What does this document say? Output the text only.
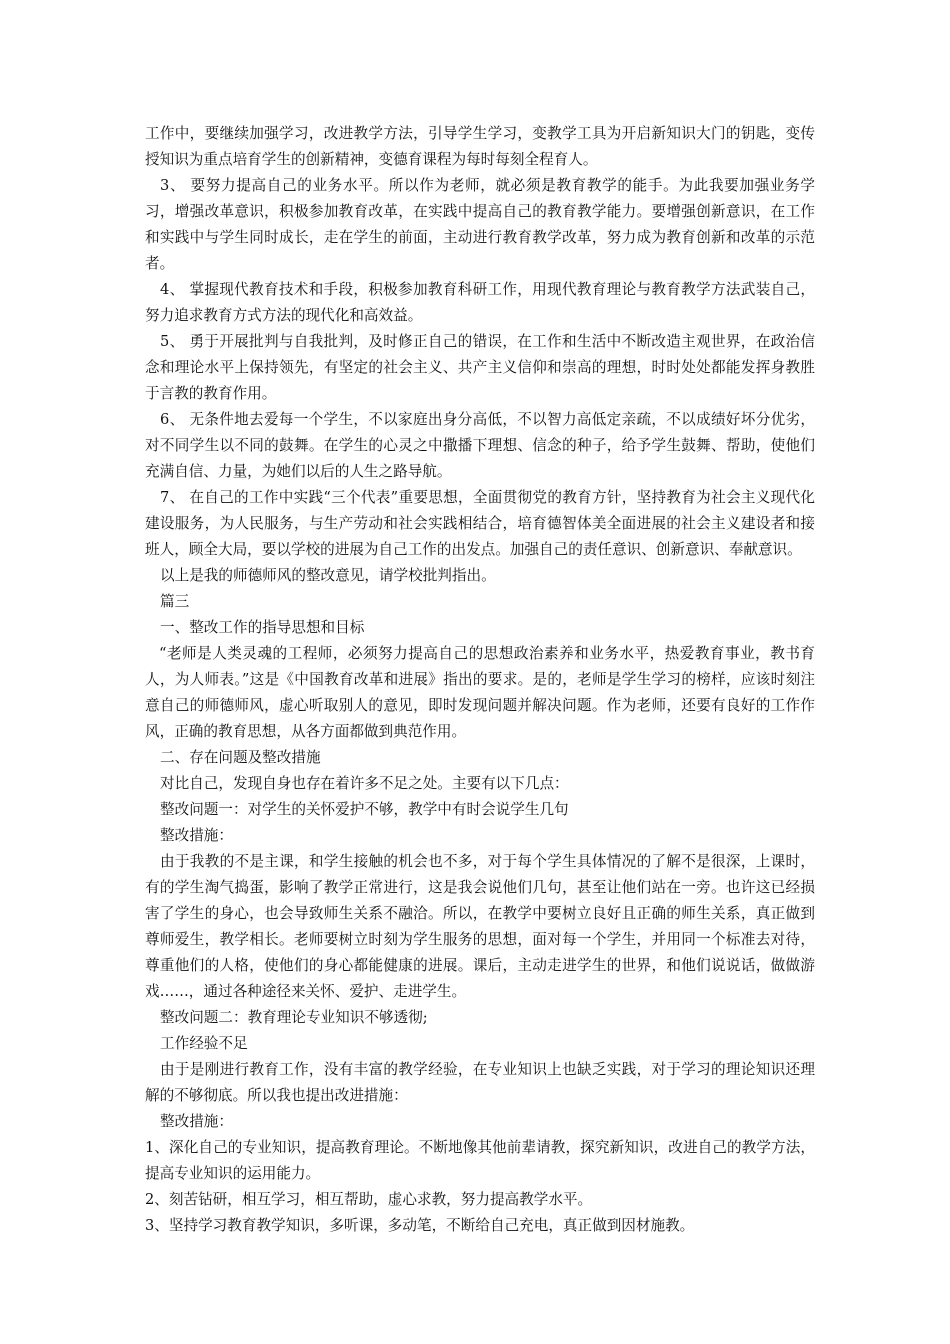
工作中，要继续加强学习，改进教学方法，引导学生学习，变教学工具为开启新知识大门的钥匙，变传授知识为重点培育学生的创新精神，变德育课程为每时每刻全程育人。

3、 要努力提高自己的业务水平。所以作为老师，就必须是教育教学的能手。为此我要加强业务学习，增强改革意识，积极参加教育改革，在实践中提高自己的教育教学能力。要增强创新意识，在工作和实践中与学生同时成长，走在学生的前面，主动进行教育教学改革，努力成为教育创新和改革的示范者。

4、 掌握现代教育技术和手段，积极参加教育科研工作，用现代教育理论与教育教学方法武装自己，努力追求教育方式方法的现代化和高效益。

5、 勇于开展批判与自我批判，及时修正自己的错误，在工作和生活中不断改造主观世界，在政治信念和理论水平上保持领先，有坚定的社会主义、共产主义信仰和崇高的理想，时时处处都能发挥身教胜于言教的教育作用。

6、 无条件地去爱每一个学生，不以家庭出身分高低，不以智力高低定亲疏，不以成绩好坏分优劣，对不同学生以不同的鼓舞。在学生的心灵之中撒播下理想、信念的种子，给予学生鼓舞、帮助，使他们充满自信、力量，为她们以后的人生之路导航。

7、 在自己的工作中实践“三个代表”重要思想，全面贯彻党的教育方针，坚持教育为社会主义现代化建设服务，为人民服务，与生产劳动和社会实践相结合，培育德智体美全面进展的社会主义建设者和接班人，顾全大局，要以学校的进展为自己工作的出发点。加强自己的责任意识、创新意识、奉献意识。

以上是我的师德师风的整改意见，请学校批判指出。

篇三

一、整改工作的指导思想和目标

“老师是人类灵魂的工程师，必须努力提高自己的思想政治素养和业务水平，热爱教育事业，教书育人，为人师表。”这是《中国教育改革和进展》指出的要求。是的，老师是学生学习的榜样，应该时刻注意自己的师德师风，虚心听取别人的意见，即时发现问题并解决问题。作为老师，还要有良好的工作作风，正确的教育思想，从各方面都做到典范作用。

二、存在问题及整改措施

对比自己，发现自身也存在着许多不足之处。主要有以下几点：

整改问题一：对学生的关怀爱护不够，教学中有时会说学生几句

整改措施：

由于我教的不是主课，和学生接触的机会也不多，对于每个学生具体情况的了解不是很深，上课时，有的学生淘气捣蛋，影响了教学正常进行，这是我会说他们几句，甚至让他们站在一旁。也许这已经损害了学生的身心，也会导致师生关系不融洽。所以，在教学中要树立良好且正确的师生关系，真正做到尊师爱生，教学相长。老师要树立时刻为学生服务的思想，面对每一个学生，并用同一个标准去对待，尊重他们的人格，使他们的身心都能健康的进展。课后，主动走进学生的世界，和他们说说话，做做游戏……，通过各种途径来关怀、爱护、走进学生。

整改问题二：教育理论专业知识不够透彻;

工作经验不足

由于是刚进行教育工作，没有丰富的教学经验，在专业知识上也缺乏实践，对于学习的理论知识还理解的不够彻底。所以我也提出改进措施：

整改措施：

1、深化自己的专业知识，提高教育理论。不断地像其他前辈请教，探究新知识，改进自己的教学方法，提高专业知识的运用能力。

2、刻苦钻研，相互学习，相互帮助，虚心求教，努力提高教学水平。

3、坚持学习教育教学知识，多听课，多动笔，不断给自己充电，真正做到因材施教。
